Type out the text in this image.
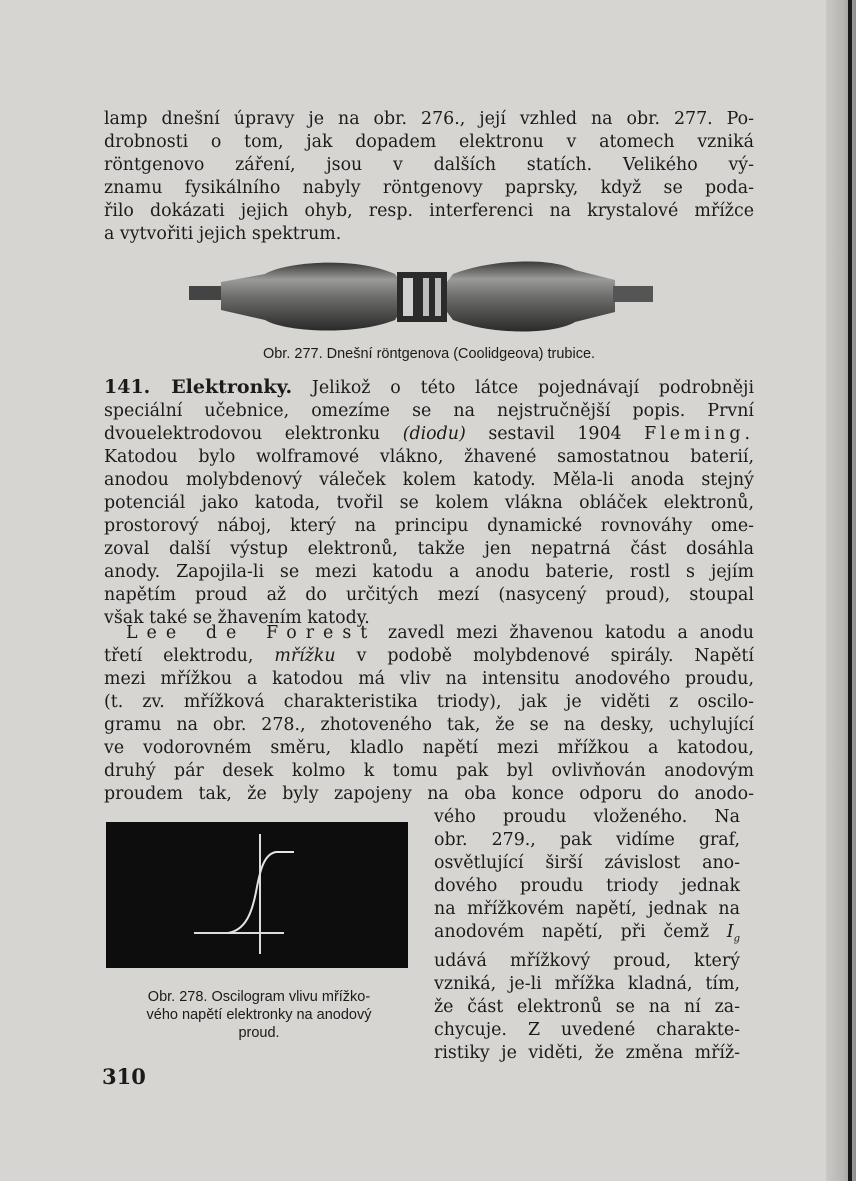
lamp dnešní úpravy je na obr. 276., její vzhled na obr. 277. Po-
drobnosti o tom, jak dopadem elektronu v atomech vzniká
röntgenovo záření, jsou v dalších statích. Velikého vý-
znamu fysikálního nabyly röntgenovy paprsky, když se poda-
řilo dokázati jejich ohyb, resp. interferenci na krystalové mřížce
a vytvořiti jejich spektrum.
Obr. 277. Dnešní röntgenova (Coolidgeova) trubice.
141. Elektronky. Jelikož o této látce pojednávají podrobněji
speciální učebnice, omezíme se na nejstručnější popis. První
dvouelektrodovou elektronku (diodu) sestavil 1904 Fleming.
Katodou bylo wolframové vlákno, žhavené samostatnou baterií,
anodou molybdenový váleček kolem katody. Měla-li anoda stejný
potenciál jako katoda, tvořil se kolem vlákna obláček elektronů,
prostorový náboj, který na principu dynamické rovnováhy ome-
zoval další výstup elektronů, takže jen nepatrná část dosáhla
anody. Zapojila-li se mezi katodu a anodu baterie, rostl s jejím
napětím proud až do určitých mezí (nasycený proud), stoupal
však také se žhavením katody.
Lee de Forest zavedl mezi žhavenou katodu a anodu
třetí elektrodu, mřížku v podobě molybdenové spirály. Napětí
mezi mřížkou a katodou má vliv na intensitu anodového proudu,
(t. zv. mřížková charakteristika triody), jak je viděti z oscilo-
gramu na obr. 278., zhotoveného tak, že se na desky, uchylující
ve vodorovném směru, kladlo napětí mezi mřížkou a katodou,
druhý pár desek kolmo k tomu pak byl ovlivňován anodovým
proudem tak, že byly zapojeny na oba konce odporu do anodo-
vého proudu vloženého. Na
obr. 279., pak vidíme graf,
osvětlující širší závislost ano-
dového proudu triody jednak
na mřížkovém napětí, jednak na
anodovém napětí, při čemž $I_g$
udává mřížkový proud, který
vzniká, je-li mřížka kladná, tím,
že část elektronů se na ní za-
chycuje. Z uvedené charakte-
ristiky je viděti, že změna mříž-
Obr. 278. Oscilogram vlivu mřížko-
vého napětí elektronky na anodový
proud.
310
